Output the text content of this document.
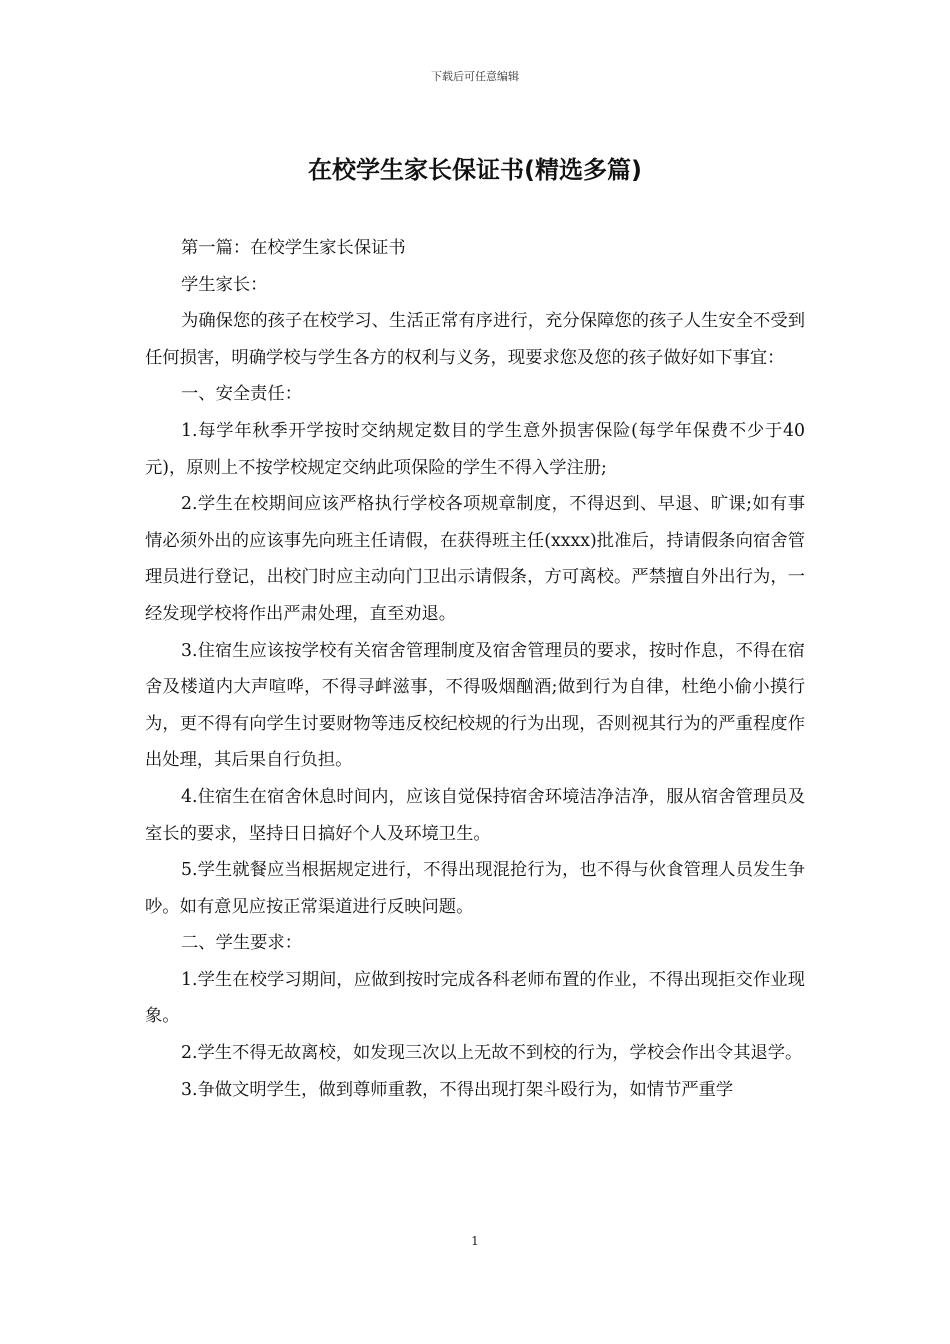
下载后可任意编辑
在校学生家长保证书(精选多篇)

第一篇：在校学生家长保证书

学生家长：

为确保您的孩子在校学习、生活正常有序进行，充分保障您的孩子人生安全不受到任何损害，明确学校与学生各方的权利与义务，现要求您及您的孩子做好如下事宜：

一、安全责任：

1.每学年秋季开学按时交纳规定数目的学生意外损害保险(每学年保费不少于40元)，原则上不按学校规定交纳此项保险的学生不得入学注册;

2.学生在校期间应该严格执行学校各项规章制度，不得迟到、早退、旷课;如有事情必须外出的应该事先向班主任请假，在获得班主任(xxxx)批准后，持请假条向宿舍管理员进行登记，出校门时应主动向门卫出示请假条，方可离校。严禁擅自外出行为，一经发现学校将作出严肃处理，直至劝退。

3.住宿生应该按学校有关宿舍管理制度及宿舍管理员的要求，按时作息，不得在宿舍及楼道内大声喧哗，不得寻衅滋事，不得吸烟酗酒;做到行为自律，杜绝小偷小摸行为，更不得有向学生讨要财物等违反校纪校规的行为出现，否则视其行为的严重程度作出处理，其后果自行负担。

4.住宿生在宿舍休息时间内，应该自觉保持宿舍环境洁净洁净，服从宿舍管理员及室长的要求，坚持日日搞好个人及环境卫生。

5.学生就餐应当根据规定进行，不得出现混抢行为，也不得与伙食管理人员发生争吵。如有意见应按正常渠道进行反映问题。

二、学生要求：

1.学生在校学习期间，应做到按时完成各科老师布置的作业，不得出现拒交作业现象。

2.学生不得无故离校，如发现三次以上无故不到校的行为，学校会作出令其退学。

3.争做文明学生，做到尊师重教，不得出现打架斗殴行为，如情节严重学

1
